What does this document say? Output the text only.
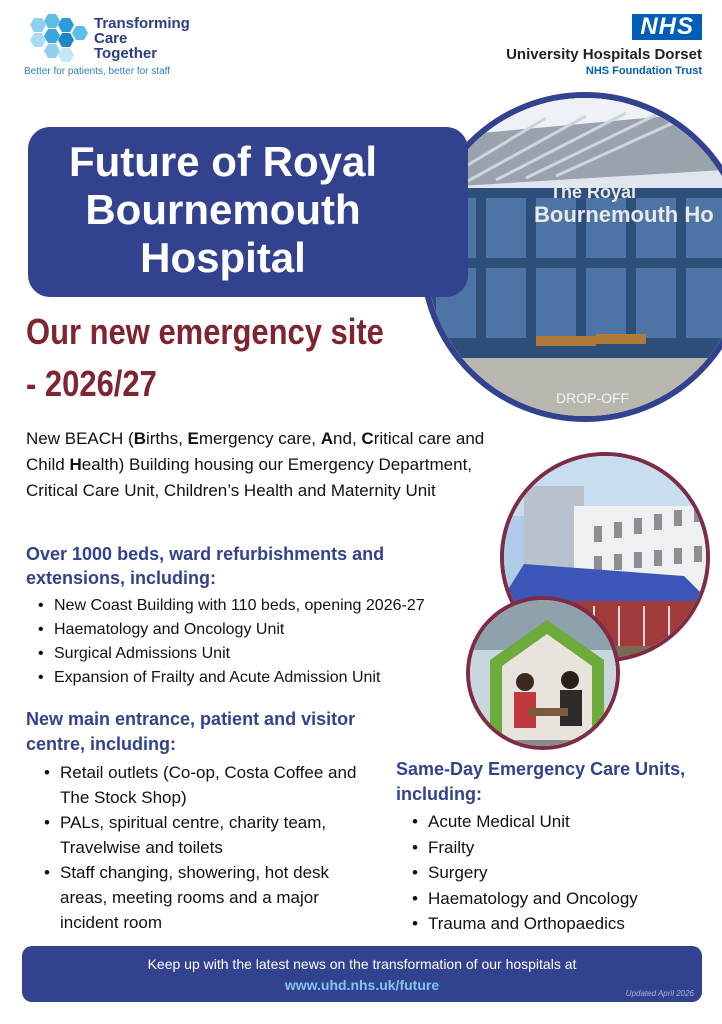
Transforming
Care
Together
Better for patients, better for staff
NHS
University Hospitals Dorset
NHS Foundation Trust
The Royal
Bournemouth Ho
DROP-OFF
Future of Royal
Bournemouth
Hospital
Our new emergency site
- 2026/27

New BEACH (Births, Emergency care, And, Critical care and Child Health) Building housing our Emergency Department, Critical Care Unit, Children’s Health and Maternity Unit

Over 1000 beds, ward refurbishments and extensions, including:
• New Coast Building with 110 beds, opening 2026-27
• Haematology and Oncology Unit
• Surgical Admissions Unit
• Expansion of Frailty and Acute Admission Unit
New main entrance, patient and visitor centre, including:
• Retail outlets (Co-op, Costa Coffee and The Stock Shop)
• PALs, spiritual centre, charity team, Travelwise and toilets
• Staff changing, showering, hot desk areas, meeting rooms and a major incident room
Same-Day Emergency Care Units, including:
• Acute Medical Unit
• Frailty
• Surgery
• Haematology and Oncology
• Trauma and Orthopaedics
Keep up with the latest news on the transformation of our hospitals at
www.uhd.nhs.uk/future
Updated April 2026
